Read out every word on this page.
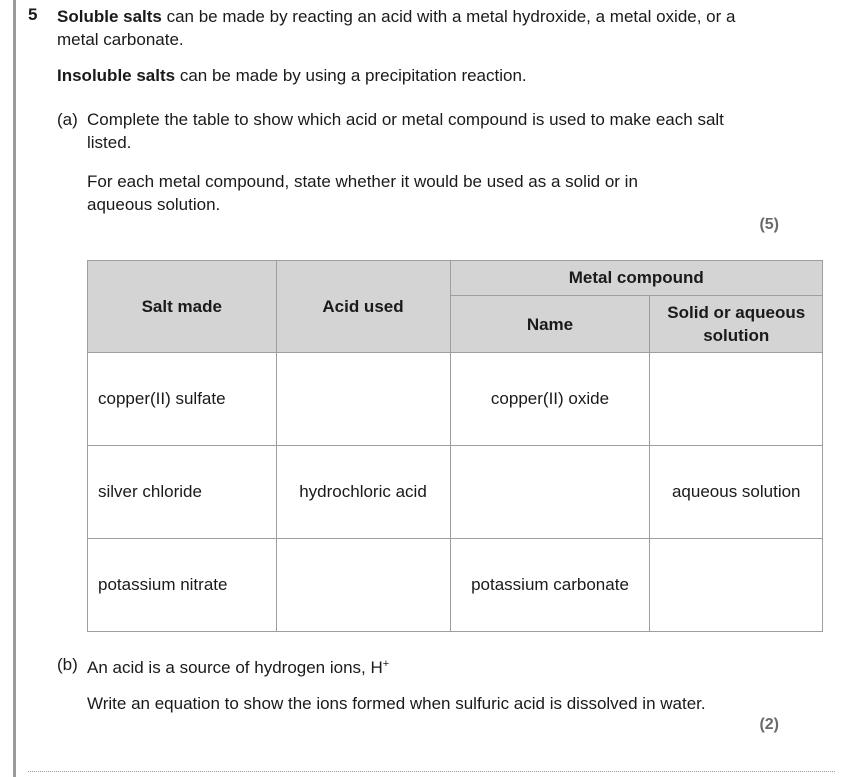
5 Soluble salts can be made by reacting an acid with a metal hydroxide, a metal oxide, or a metal carbonate.
Insoluble salts can be made by using a precipitation reaction.
(a) Complete the table to show which acid or metal compound is used to make each salt listed.
For each metal compound, state whether it would be used as a solid or in aqueous solution.
(5)
Salt made	Acid used	Metal compound	
		Name	Solid or aqueous solution
copper(II) sulfate		copper(II) oxide	
silver chloride	hydrochloric acid		aqueous solution
potassium nitrate		potassium carbonate	
(b) An acid is a source of hydrogen ions, H+
Write an equation to show the ions formed when sulfuric acid is dissolved in water.
(2)
